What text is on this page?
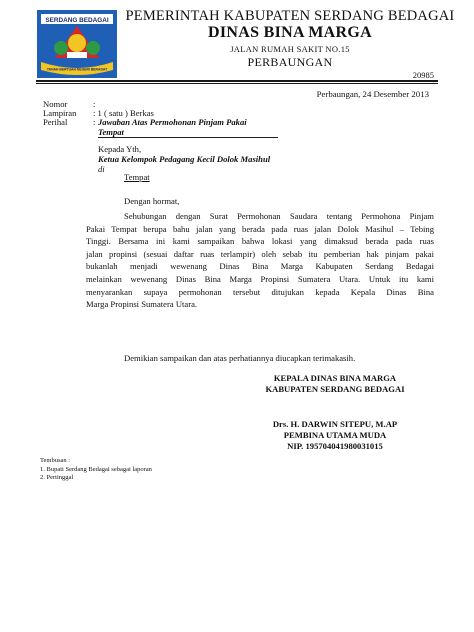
SERDANG BEDAGAI
TANAH BERTUAH NEGERI BERADAT
PEMERINTAH KABUPATEN SERDANG BEDAGAI
DINAS BINA MARGA
JALAN RUMAH SAKIT NO.15
PERBAUNGAN
20985
Perbaungan, 24 Desember 2013
Nomor	:
Lampiran : 1 ( satu ) Berkas
Perihal	: Jawaban Atas Permohonan Pinjam Pakai
Tempat
Kepada Yth,
Ketua Kelompok Pedagang Kecil Dolok Masihul
di
Tempat
Dengan hormat,
Sehubungan dengan Surat Permohonan Saudara tentang Permohona Pinjam
Pakai Tempat berupa bahu jalan yang berada pada ruas jalan Dolok Masihul – Tebing
Tinggi. Bersama ini kami sampaikan bahwa lokasi yang dimaksud berada pada ruas
jalan propinsi (sesuai daftar ruas terlampir) oleh sebab itu pemberian hak pinjam pakai
bukanlah menjadi wewenang Dinas Bina Marga Kabupaten Serdang Bedagai
melainkan wewenang Dinas Bina Marga Propinsi Sumatera Utara. Untuk itu kami
menyarankan supaya permohonan tersebut ditujukan kepada Kepala Dinas Bina
Marga Propinsi Sumatera Utara.
Demikian sampaikan dan atas perhatiannya diucapkan terimakasih.
KEPALA DINAS BINA MARGA
KABUPATEN SERDANG BEDAGAI
Drs. H. DARWIN SITEPU, M.AP
PEMBINA UTAMA MUDA
NIP. 195704041980031015
Tembusan :
1. Bupati Serdang Bedagai sebagai laporan
2. Pertinggal
